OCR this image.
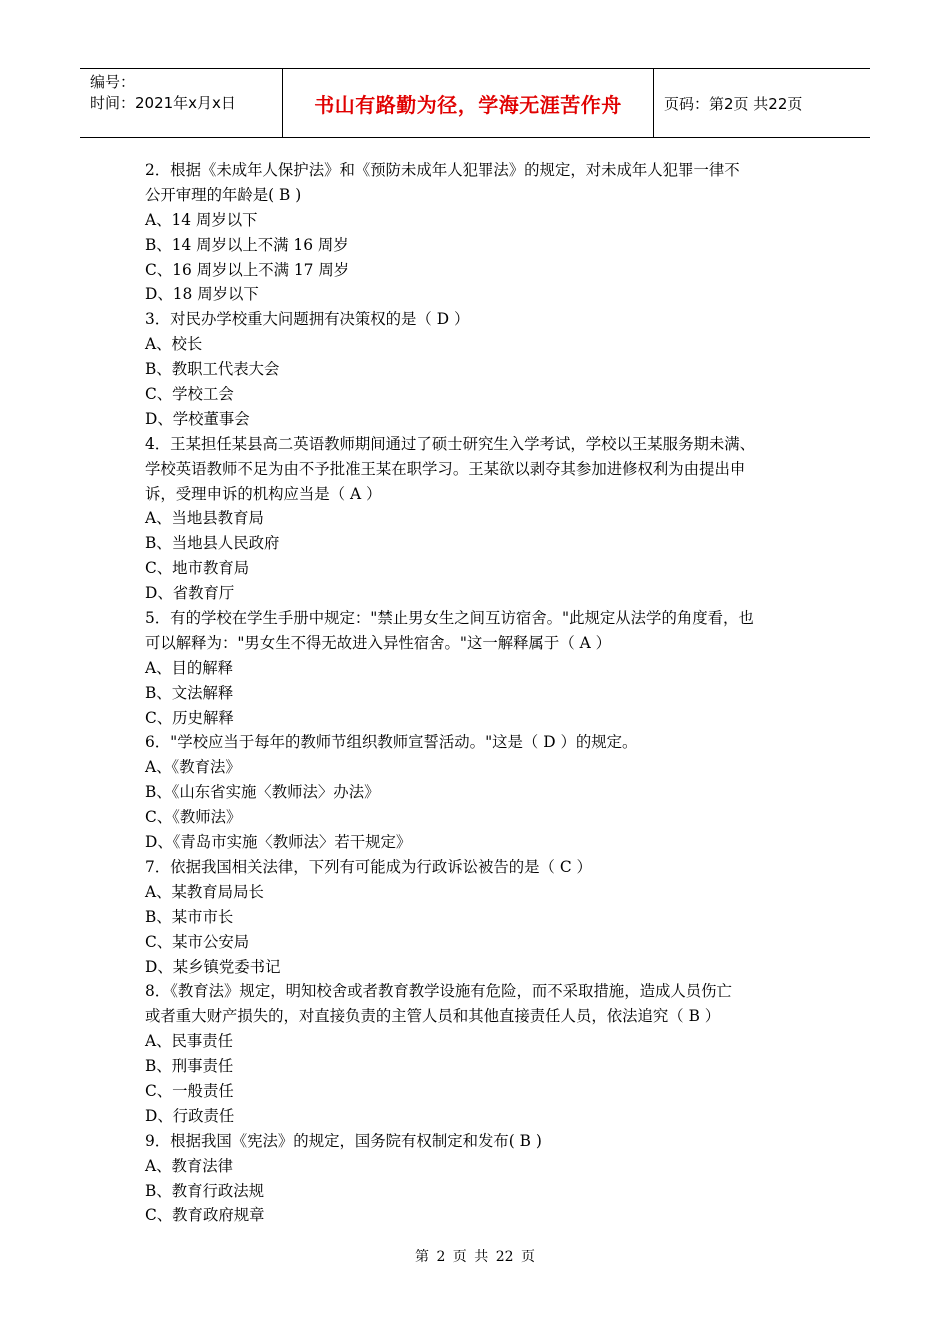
编号：
时间：2021年x月x日	书山有路勤为径，学海无涯苦作舟	页码：第2页 共22页
2．根据《未成年人保护法》和《预防未成年人犯罪法》的规定，对未成年人犯罪一律不
公开审理的年龄是( B )
A、14 周岁以下
B、14 周岁以上不满 16 周岁
C、16 周岁以上不满 17 周岁
D、18 周岁以下
3．对民办学校重大问题拥有决策权的是（ D ）
A、校长
B、教职工代表大会
C、学校工会
D、学校董事会
4．王某担任某县高二英语教师期间通过了硕士研究生入学考试，学校以王某服务期未满、
学校英语教师不足为由不予批准王某在职学习。王某欲以剥夺其参加进修权利为由提出申
诉，受理申诉的机构应当是（ A ）
A、当地县教育局
B、当地县人民政府
C、地市教育局
D、省教育厅
5．有的学校在学生手册中规定："禁止男女生之间互访宿舍。"此规定从法学的角度看，也
可以解释为："男女生不得无故进入异性宿舍。"这一解释属于（ A ）
A、目的解释
B、文法解释
C、历史解释
6．"学校应当于每年的教师节组织教师宣誓活动。"这是（ D ）的规定。
A、《教育法》
B、《山东省实施〈教师法〉办法》
C、《教师法》
D、《青岛市实施〈教师法〉若干规定》
7．依据我国相关法律，下列有可能成为行政诉讼被告的是（ C ）
A、某教育局局长
B、某市市长
C、某市公安局
D、某乡镇党委书记
8．《教育法》规定，明知校舍或者教育教学设施有危险，而不采取措施，造成人员伤亡
或者重大财产损失的，对直接负责的主管人员和其他直接责任人员，依法追究（ B ）
A、民事责任
B、刑事责任
C、一般责任
D、行政责任
9．根据我国《宪法》的规定，国务院有权制定和发布( B )
A、教育法律
B、教育行政法规
C、教育政府规章
第 2 页 共 22 页
